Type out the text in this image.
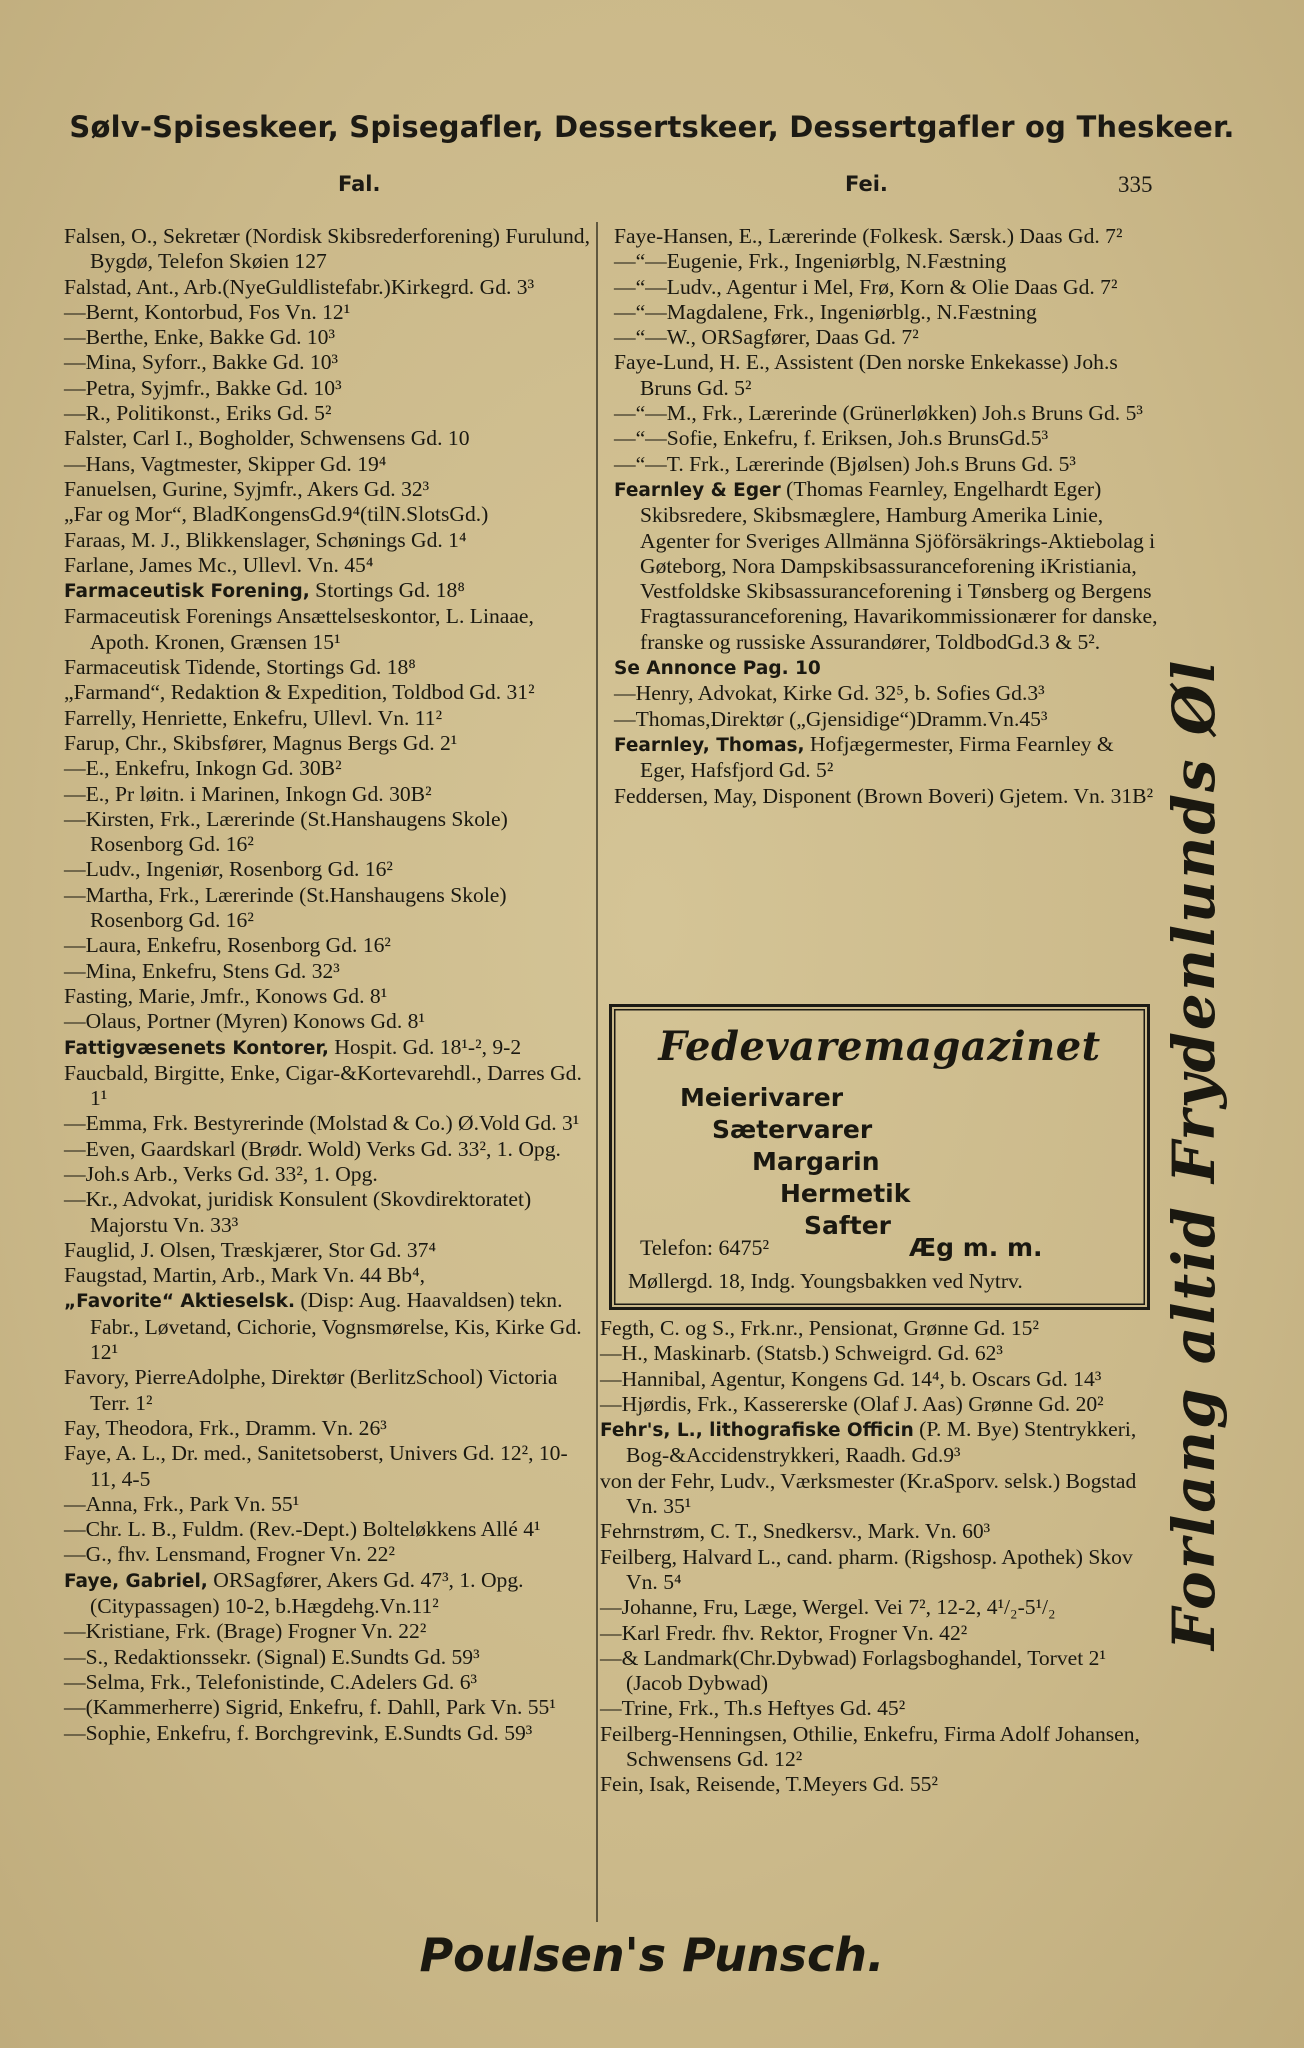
Sølv-Spiseskeer, Spisegafler, Dessertskeer, Dessertgafler og Theskeer.
Fal.	Fei.	335
Falsen, O., Sekretær (Nordisk Skibsrederforening) Furulund, Bygdø, Telefon Skøien 127
Falstad, Ant., Arb.(NyeGuldlistefabr.)Kirkegrd. Gd. 3³
—Bernt, Kontorbud, Fos Vn. 12¹
—Berthe, Enke, Bakke Gd. 10³
—Mina, Syforr., Bakke Gd. 10³
—Petra, Syjmfr., Bakke Gd. 10³
—R., Politikonst., Eriks Gd. 5²
Falster, Carl I., Bogholder, Schwensens Gd. 10
—Hans, Vagtmester, Skipper Gd. 19⁴
Fanuelsen, Gurine, Syjmfr., Akers Gd. 32³
„Far og Mor“, BladKongensGd.9⁴(tilN.SlotsGd.)
Faraas, M. J., Blikkenslager, Schønings Gd. 1⁴
Farlane, James Mc., Ullevl. Vn. 45⁴
Farmaceutisk Forening, Stortings Gd. 18⁸
Farmaceutisk Forenings Ansættelseskontor, L. Linaae, Apoth. Kronen, Grænsen 15¹
Farmaceutisk Tidende, Stortings Gd. 18⁸
„Farmand“, Redaktion & Expedition, Toldbod Gd. 31²
Farrelly, Henriette, Enkefru, Ullevl. Vn. 11²
Farup, Chr., Skibsfører, Magnus Bergs Gd. 2¹
—E., Enkefru, Inkogn Gd. 30B²
—E., Pr løitn. i Marinen, Inkogn Gd. 30B²
—Kirsten, Frk., Lærerinde (St.Hanshaugens Skole) Rosenborg Gd. 16²
—Ludv., Ingeniør, Rosenborg Gd. 16²
—Martha, Frk., Lærerinde (St.Hanshaugens Skole) Rosenborg Gd. 16²
—Laura, Enkefru, Rosenborg Gd. 16²
—Mina, Enkefru, Stens Gd. 32³
Fasting, Marie, Jmfr., Konows Gd. 8¹
—Olaus, Portner (Myren) Konows Gd. 8¹
Fattigvæsenets Kontorer, Hospit. Gd. 18¹-², 9-2
Faucbald, Birgitte, Enke, Cigar-&Kortevarehdl., Darres Gd. 1¹
—Emma, Frk. Bestyrerinde (Molstad & Co.) Ø.Vold Gd. 3¹
—Even, Gaardskarl (Brødr. Wold) Verks Gd. 33², 1. Opg.
—Joh.s Arb., Verks Gd. 33², 1. Opg.
—Kr., Advokat, juridisk Konsulent (Skovdirektoratet) Majorstu Vn. 33³
Fauglid, J. Olsen, Træskjærer, Stor Gd. 37⁴
Faugstad, Martin, Arb., Mark Vn. 44 Bb⁴,
„Favorite“ Aktieselsk. (Disp: Aug. Haavaldsen) tekn. Fabr., Løvetand, Cichorie, Vognsmørelse, Kis, Kirke Gd. 12¹
Favory, PierreAdolphe, Direktør (BerlitzSchool) Victoria Terr. 1²
Fay, Theodora, Frk., Dramm. Vn. 26³
Faye, A. L., Dr. med., Sanitetsoberst, Univers Gd. 12², 10-11, 4-5
—Anna, Frk., Park Vn. 55¹
—Chr. L. B., Fuldm. (Rev.-Dept.) Bolteløkkens Allé 4¹
—G., fhv. Lensmand, Frogner Vn. 22²
Faye, Gabriel, ORSagfører, Akers Gd. 47³, 1. Opg. (Citypassagen) 10-2, b.Hægdehg.Vn.11²
—Kristiane, Frk. (Brage) Frogner Vn. 22²
—S., Redaktionssekr. (Signal) E.Sundts Gd. 59³
—Selma, Frk., Telefonistinde, C.Adelers Gd. 6³
—(Kammerherre) Sigrid, Enkefru, f. Dahll, Park Vn. 55¹
—Sophie, Enkefru, f. Borchgrevink, E.Sundts Gd. 59³
Faye-Hansen, E., Lærerinde (Folkesk. Særsk.) Daas Gd. 7²
—“—Eugenie, Frk., Ingeniørblg, N.Fæstning
—“—Ludv., Agentur i Mel, Frø, Korn & Olie Daas Gd. 7²
—“—Magdalene, Frk., Ingeniørblg., N.Fæstning
—“—W., ORSagfører, Daas Gd. 7²
Faye-Lund, H. E., Assistent (Den norske Enkekasse) Joh.s Bruns Gd. 5²
—“—M., Frk., Lærerinde (Grünerløkken) Joh.s Bruns Gd. 5³
—“—Sofie, Enkefru, f. Eriksen, Joh.s BrunsGd.5³
—“—T. Frk., Lærerinde (Bjølsen) Joh.s Bruns Gd. 5³
Fearnley & Eger (Thomas Fearnley, Engelhardt Eger) Skibsredere, Skibsmæglere, Hamburg Amerika Linie, Agenter for Sveriges Allmänna Sjöförsäkrings-Aktiebolag i Gøteborg, Nora Dampskibsassuranceforening iKristiania, Vestfoldske Skibsassuranceforening i Tønsberg og Bergens Fragtassuranceforening, Havarikommissionærer for danske, franske og russiske Assurandører, ToldbodGd.3 & 5².
Se Annonce Pag. 10
—Henry, Advokat, Kirke Gd. 32⁵, b. Sofies Gd.3³
—Thomas,Direktør („Gjensidige“)Dramm.Vn.45³
Fearnley, Thomas, Hofjægermester, Firma Fearnley & Eger, Hafsfjord Gd. 5²
Feddersen, May, Disponent (Brown Boveri) Gjetem. Vn. 31B²
Fedevaremagazinet
Meierivarer
Sætervarer
Margarin
Hermetik
Safter
Telefon: 6475²	Æg m. m.
Møllergd. 18, Indg. Youngsbakken ved Nytrv.
Fegth, C. og S., Frk.nr., Pensionat, Grønne Gd. 15²
—H., Maskinarb. (Statsb.) Schweigrd. Gd. 62³
—Hannibal, Agentur, Kongens Gd. 14⁴, b. Oscars Gd. 14³
—Hjørdis, Frk., Kassererske (Olaf J. Aas) Grønne Gd. 20²
Fehr's, L., lithografiske Officin (P. M. Bye) Stentrykkeri, Bog-&Accidenstrykkeri, Raadh. Gd.9³
von der Fehr, Ludv., Værksmester (Kr.aSporv. selsk.) Bogstad Vn. 35¹
Fehrnstrøm, C. T., Snedkersv., Mark. Vn. 60³
Feilberg, Halvard L., cand. pharm. (Rigshosp. Apothek) Skov Vn. 5⁴
—Johanne, Fru, Læge, Wergel. Vei 7², 12-2, 4¹/₂-5¹/₂
—Karl Fredr. fhv. Rektor, Frogner Vn. 42²
—& Landmark(Chr.Dybwad) Forlagsboghandel, Torvet 2¹ (Jacob Dybwad)
—Trine, Frk., Th.s Heftyes Gd. 45²
Feilberg-Henningsen, Othilie, Enkefru, Firma Adolf Johansen, Schwensens Gd. 12²
Fein, Isak, Reisende, T.Meyers Gd. 55²
Forlang altid Frydenlunds Øl
Poulsen's Punsch.
